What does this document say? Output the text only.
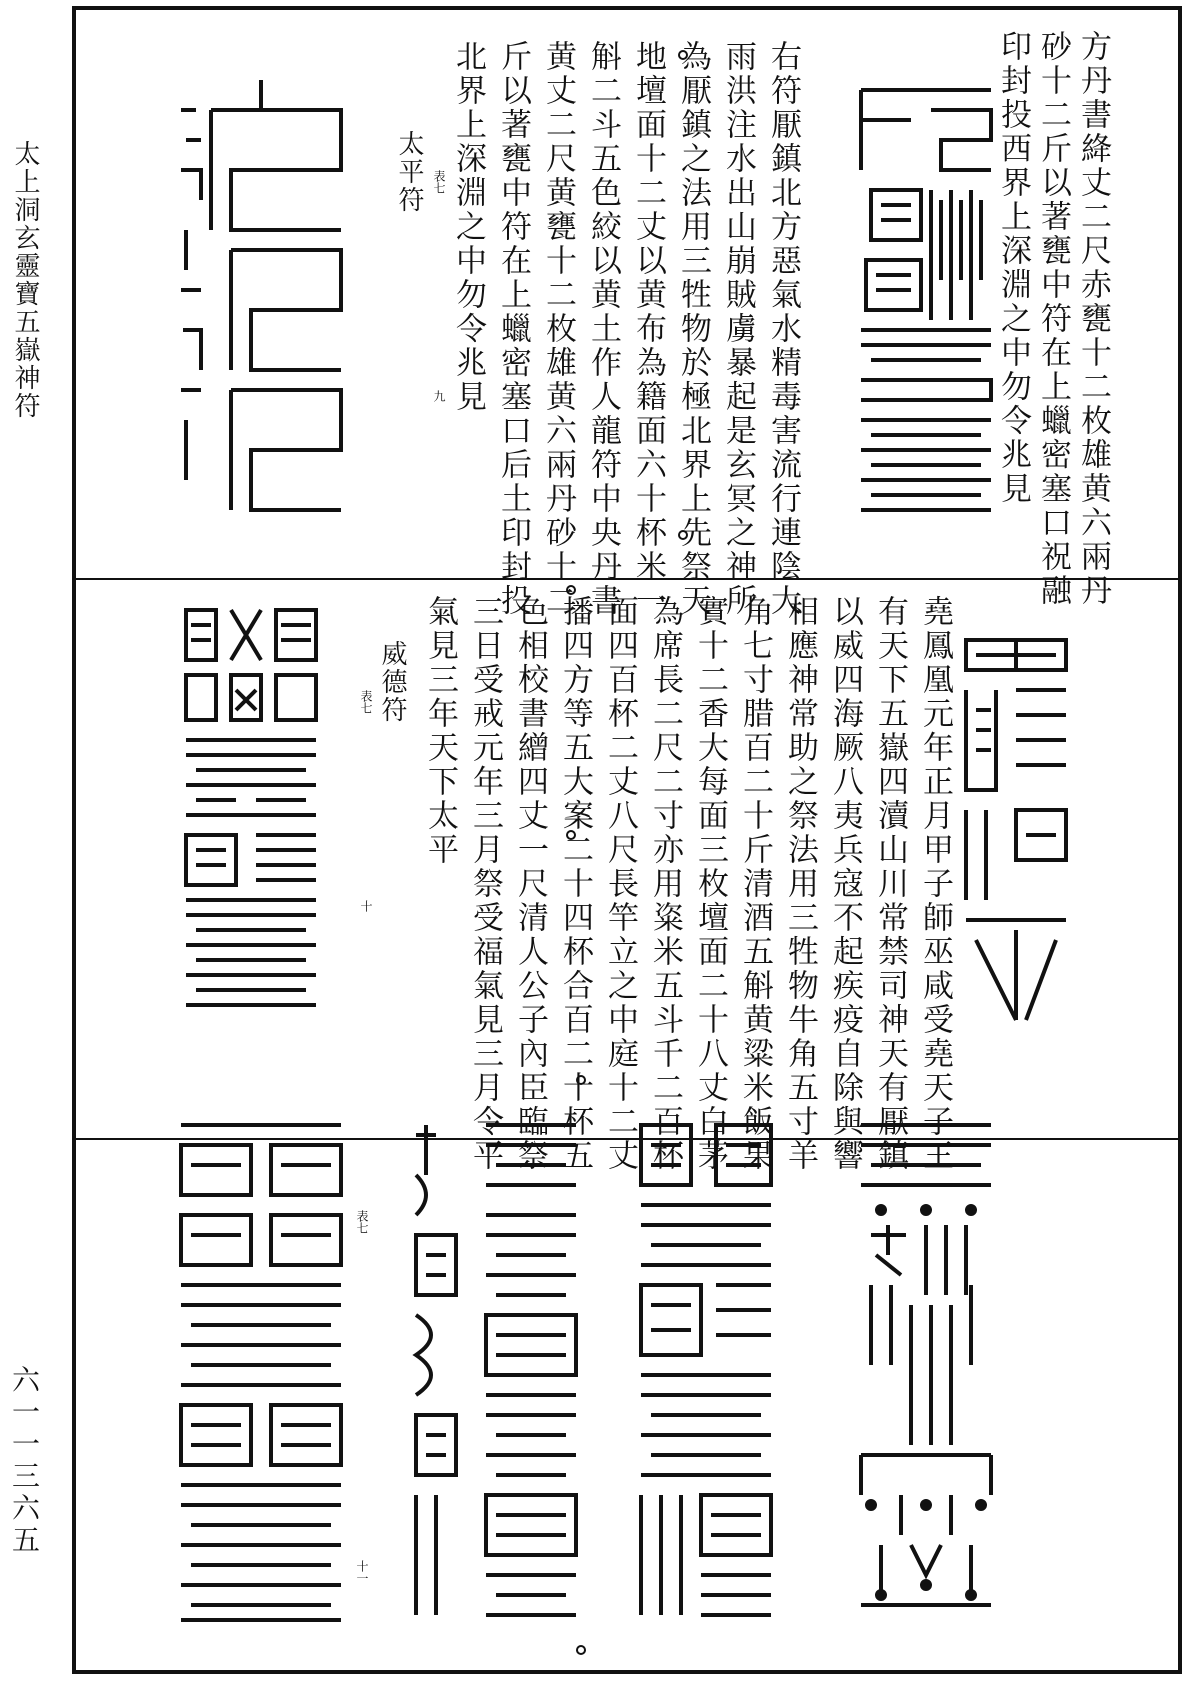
太上洞玄靈寶五嶽神符
六一一三六五
方丹書絳丈二尺赤甕十二枚雄黄六兩丹
砂十二斤以著甕中符在上蠟密塞口祝融
印封投西界上深淵之中勿令兆見
右符厭鎮北方惡氣水精毒害流行連陰大
雨洪注水出山崩賊虜暴起是玄冥之神所
為厭鎮之法用三牲物於極北界上先祭天
地壇面十二丈以黄布為籍面六十杯米一
斛二斗五色絞以黄土作人龍符中央丹書
黄丈二尺黄甕十二枚雄黄六兩丹砂十二
斤以著甕中符在上蠟密塞口后土印封投
北界上深淵之中勿令兆見
太平符 表七
九
堯鳳凰元年正月甲子師巫咸受堯天子王
有天下五嶽四瀆山川常禁司神天有厭鎮
以威四海厥八夷兵寇不起疾疫自除與響
相應神常助之祭法用三牲物牛角五寸羊
角七寸腊百二十斤清酒五斛黄粱米飯果
實十二香大每面三枚壇面二十八丈白茅
為席長二尺二寸亦用粢米五斗千二百杯
面四百杯二丈八尺長竿立之中庭十二丈
播四方等五大案二十四杯合百二十杯五
色相校書繒四丈一尺清人公子內臣臨祭
三日受戒元年三月祭受福氣見三月令平
氣見三年天下太平
威德符
表七
十
表七
十一
